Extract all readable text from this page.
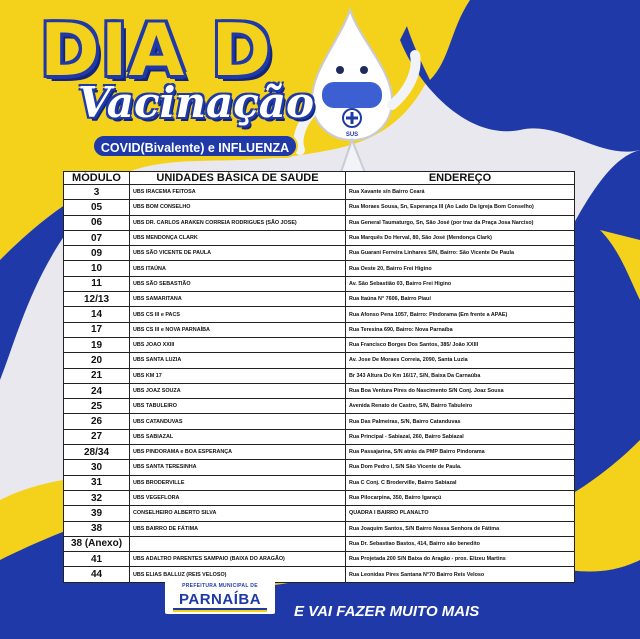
SUS
DIA D
Vacinação
COVID(Bivalente) e INFLUENZA
SÁBADO
20.MAIO
MÓDULO	UNIDADES BÁSICA DE SAÚDE	ENDEREÇO
3	UBS IRACEMA FEITOSA	Rua Xavante s/n Bairro Ceará
05	UBS BOM CONSELHO	Rua Moraes Sousa, Sn, Esperança III (Ao Lado Da Igreja Bom Conselho)
06	UBS DR. CARLOS ARAKEN CORREIA RODRIGUES (SÃO JOSE)	Rua General Taumaturgo, Sn, São José (por traz da Praça Josa Narciso)
07	UBS MENDONÇA CLARK	Rua Marquês Do Herval, 80, São José (Mendonça Clark)
09	UBS SÃO VICENTE DE PAULA	Rua Guarani Ferreira Linhares S/N, Bairro: São Vicente De Paula
10	UBS ITAÚNA	Rua Oeste 20, Bairro Frei Higino
11	UBS SÃO SEBASTIÃO	Av. São Sebastião 03, Bairro Frei Higino
12/13	UBS SAMARITANA	Rua Itaúna N° 7606, Bairro Piauí
14	UBS CS III e PACS	Rua Afonso Pena 1057, Bairro: Pindorama (Em frente a APAE)
17	UBS CS III e NOVA PARNAÍBA	Rua Teresina 690, Bairro: Nova Parnaíba
19	UBS JOAO XXIII	Rua Francisco Borges Dos Santos, 385/ João XXIII
20	UBS SANTA LUZIA	Av. Jose De Moraes Correia, 2090, Santa Luzia
21	UBS KM 17	Br 343 Altura Do Km 16/17, S/N, Baixa Da Carnaúba
24	UBS JOAZ SOUZA	Rua Boa Ventura Pires do Nascimento S/N Conj. Joaz Sousa
25	UBS TABULEIRO	Avenida Renato de Castro, S/N, Bairro Tabuleiro
26	UBS CATANDUVAS	Rua Das Palmeiras, S/N, Bairro Catanduvas
27	UBS SABIAZAL	Rua Principal - Sabiazal, 260, Bairro Sabiazal
28/34	UBS PINDORAMA e BOA ESPERANÇA	Rua Passajarina, S/N atrás da PMP Bairro Pindorama
30	UBS SANTA TERESINHA	Rua Dom Pedro I, S/N São Vicente de Paula.
31	UBS BRODERVILLE	Rua C Conj. C Broderville, Bairro Sabiazal
32	UBS VEGEFLORA	Rua Pilocarpina, 350, Bairro Igaraçú
39	CONSELHEIRO ALBERTO SILVA	QUADRA I BAIRRO PLANALTO
38	UBS BAIRRO DE FÁTIMA	Rua Joaquim Santos, S/N Bairro Nossa Senhora de Fátima
38 (Anexo)		Rua Dr. Sebastiao Bastos, 414, Bairro são benedito
41	UBS ADALTRO PARENTES SAMPAIO (BAIXA DO ARAGÃO)	Rua Projetada 200 S/N Baixa do Aragão - prox. Elizeu Martins
44	UBS ELIAS BALLUZ (REIS VELOSO)	Rua Leonidas Pires Santana N°70 Bairro Reis Veloso
PREFEITURA MUNICIPAL DE
PARNAÍBA	A PREFEITURA FAZ
E VAI FAZER MUITO MAIS
